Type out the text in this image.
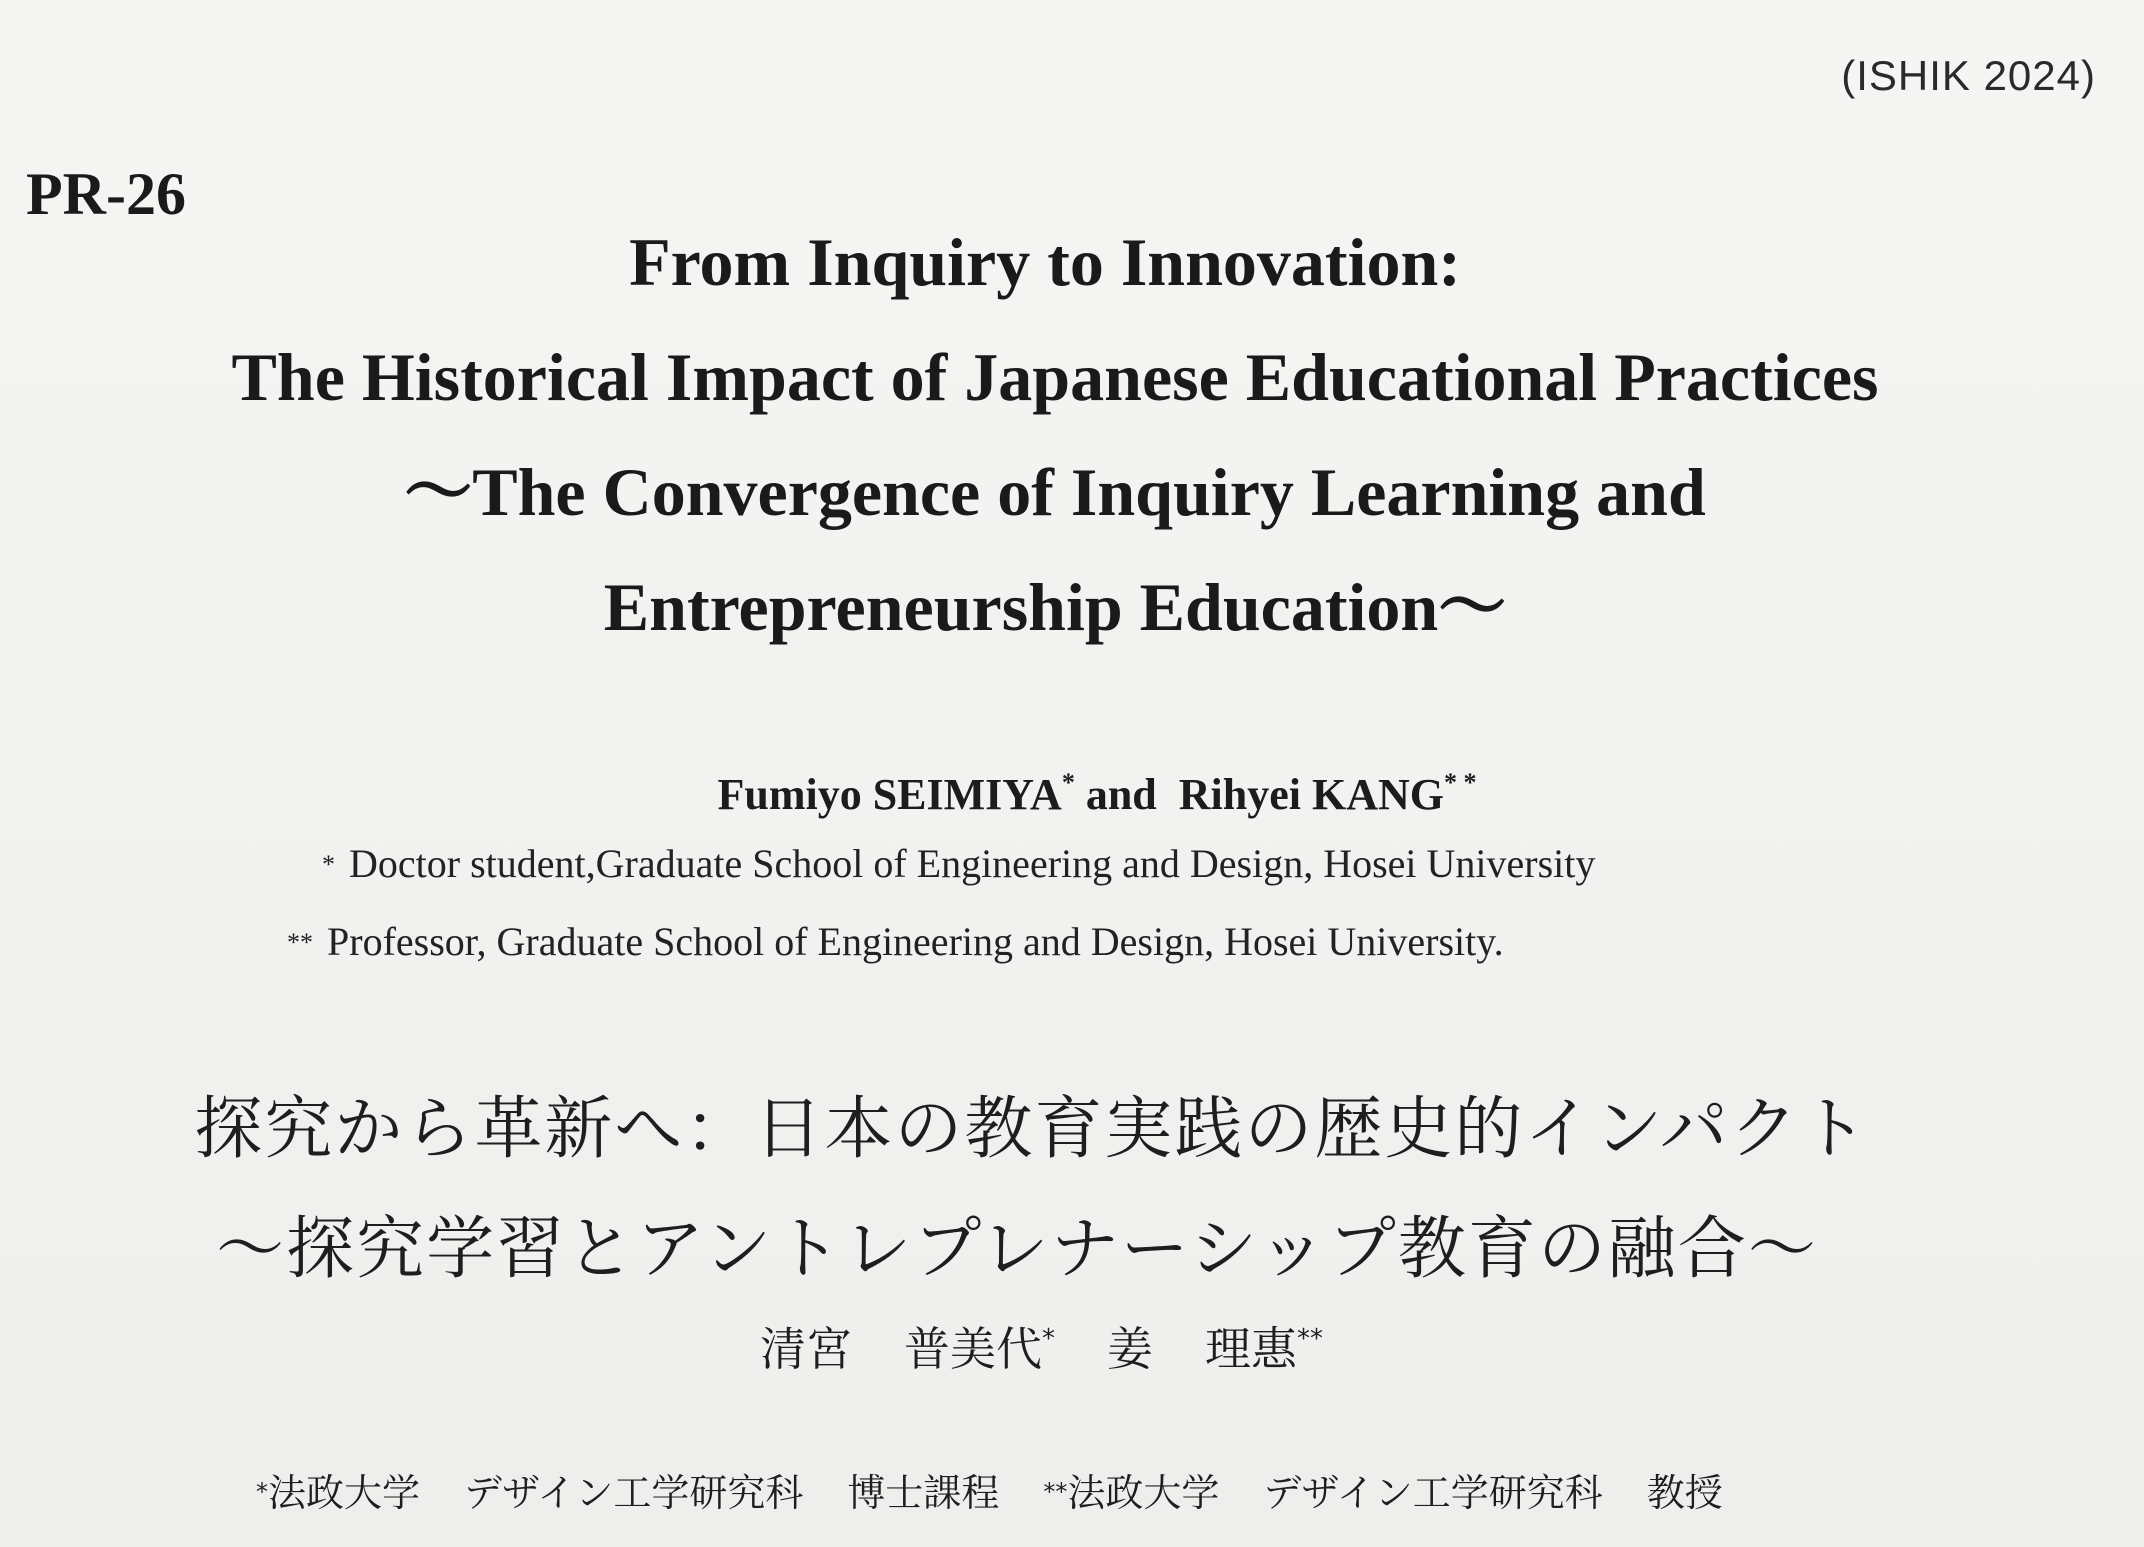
(ISHIK 2024)
PR-26
From Inquiry to Innovation:
The Historical Impact of Japanese Educational Practices
～The Convergence of Inquiry Learning and
Entrepreneurship Education～
Fumiyo SEIMIYA* and Rihyei KANG* *
* Doctor student,Graduate School of Engineering and Design, Hosei University
** Professor, Graduate School of Engineering and Design, Hosei University.
探究から革新へ：日本の教育実践の歴史的インパクト
～探究学習とアントレプレナーシップ教育の融合～
清宮 普美代* 姜 理惠**
*法政大学 デザイン工学研究科 博士課程 **法政大学 デザイン工学研究科 教授
